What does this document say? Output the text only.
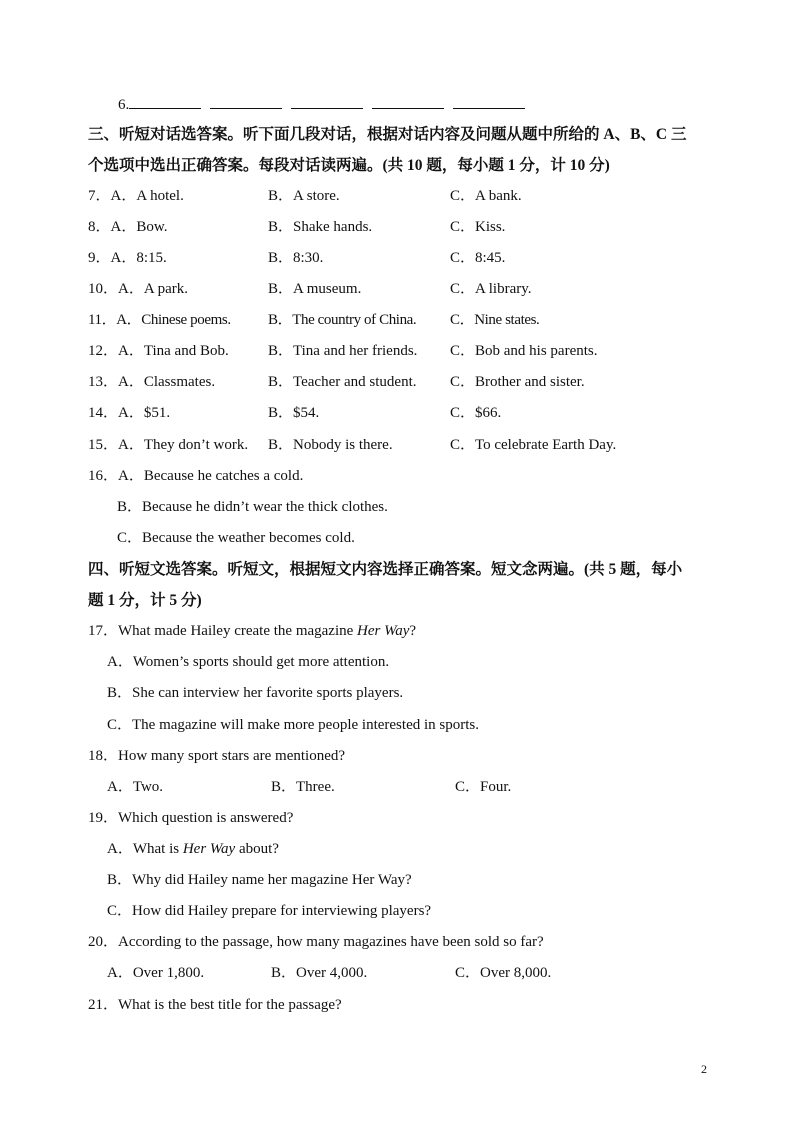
6.
三、听短对话选答案。听下面几段对话，根据对话内容及问题从题中所给的 A、B、C 三
个选项中选出正确答案。每段对话读两遍。(共 10 题，每小题 1 分，计 10 分)
7．A．A hotel.	B．A store.	C．A bank.
8．A．Bow.	B．Shake hands.	C．Kiss.
9．A．8:15.	B．8:30.	C．8:45.
10．A．A park.	B．A museum.	C．A library.
11．A．Chinese poems. B．The country of China. C．Nine states.
12．A．Tina and Bob.	B．Tina and her friends. C．Bob and his parents.
13．A．Classmates.	B．Teacher and student. C．Brother and sister.
14．A．$51.	B．$54.	C．$66.
15．A．They don’t work. B．Nobody is there.	C．To celebrate Earth Day.
16．A．Because he catches a cold.
B．Because he didn’t wear the thick clothes.
C．Because the weather becomes cold.
四、听短文选答案。听短文，根据短文内容选择正确答案。短文念两遍。(共 5 题，每小
题 1 分，计 5 分)
17．What made Hailey create the magazine Her Way?
A．Women’s sports should get more attention.
B．She can interview her favorite sports players.
C．The magazine will make more people interested in sports.
18．How many sport stars are mentioned?
A．Two.	B．Three.	C．Four.
19．Which question is answered?
A．What is Her Way about?
B．Why did Hailey name her magazine Her Way?
C．How did Hailey prepare for interviewing players?
20．According to the passage, how many magazines have been sold so far?
A．Over 1,800.	B．Over 4,000.	C．Over 8,000.
21．What is the best title for the passage?
2
